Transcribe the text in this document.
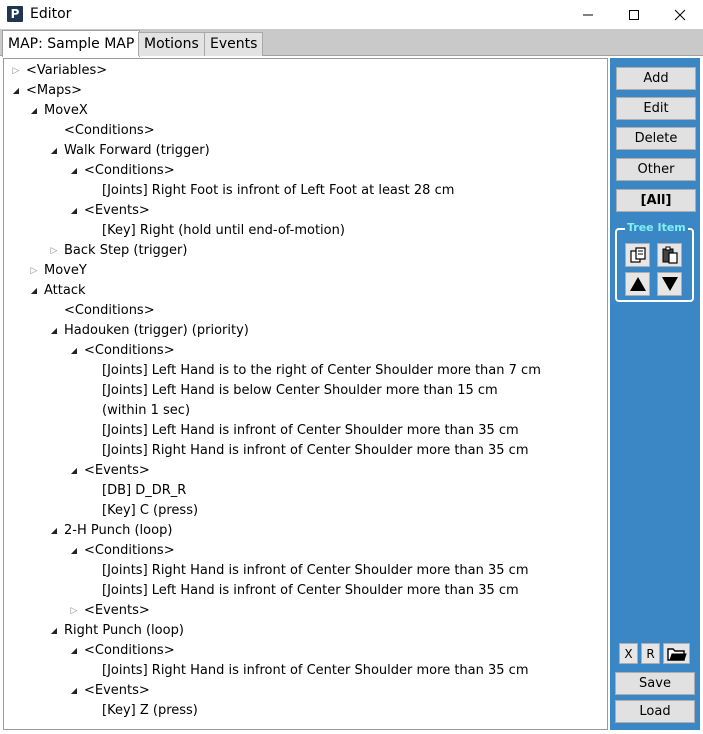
P Editor
MAP: Sample MAP Motions Events
▷ <Variables>
◢ <Maps>
◢ MoveX
<Conditions>
◢ Walk Forward (trigger)
◢ <Conditions>
[Joints] Right Foot is infront of Left Foot at least 28 cm
◢ <Events>
[Key] Right (hold until end-of-motion)
▷ Back Step (trigger)
▷ MoveY
◢ Attack
<Conditions>
◢ Hadouken (trigger) (priority)
◢ <Conditions>
[Joints] Left Hand is to the right of Center Shoulder more than 7 cm
[Joints] Left Hand is below Center Shoulder more than 15 cm
(within 1 sec)
[Joints] Left Hand is infront of Center Shoulder more than 35 cm
[Joints] Right Hand is infront of Center Shoulder more than 35 cm
◢ <Events>
[DB] D_DR_R
[Key] C (press)
◢ 2-H Punch (loop)
◢ <Conditions>
[Joints] Right Hand is infront of Center Shoulder more than 35 cm
[Joints] Left Hand is infront of Center Shoulder more than 35 cm
▷ <Events>
◢ Right Punch (loop)
◢ <Conditions>
[Joints] Right Hand is infront of Center Shoulder more than 35 cm
◢ <Events>
[Key] Z (press)
Add
Edit
Delete
Other
[All]
Tree Item
X	R
Save
Load
